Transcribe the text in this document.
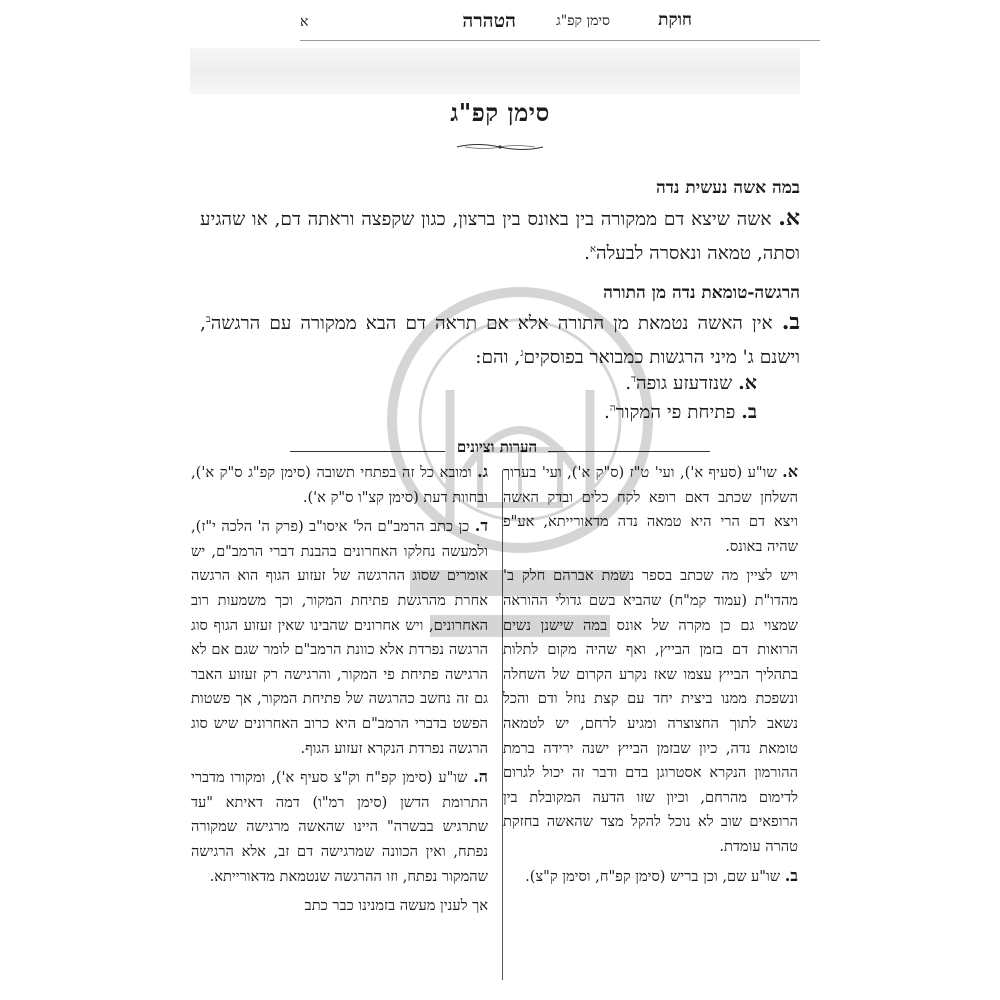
חוקת
סימן קפ"ג
הטהרה
א
סימן קפ"ג
במה אשה נעשית נדה
א. אשה שיצא דם ממקורה בין באונס בין ברצון, כגון שקפצה וראתה דם, או שהגיע וסתה, טמאה ונאסרה לבעלה$^א$.
הרגשה-טומאת נדה מן התורה
ב. אין האשה נטמאת מן התורה אלא אם תראה דם הבא ממקורה עם הרגשה$^ב$, וישנם ג' מיני הרגשות כמבואר בפוסקים$^ג$, והם:
א. שנזדעזע גופה$^ד$.
ב. פתיחת פי המקור$^ה$.
הערות וציונים

א. שו"ע (סעיף א'), ועי' ט"ז (ס"ק א'), ועי' בערוך השלחן שכתב דאם רופא לקח כלים ובדק האשה ויצא דם הרי היא טמאה נדה מדאורייתא, אע"פ שהיה באונס.

ויש לציין מה שכתב בספר נשמת אברהם חלק ב' מהדו"ת (עמוד קמ"ח) שהביא בשם גדולי ההוראה שמצוי גם כן מקרה של אונס במה שישנן נשים הרואות דם בזמן הבייץ, ואף שהיה מקום לתלות בתהליך הבייץ עצמו שאז נקרע הקרום של השחלה ונשפכת ממנו ביצית יחד עם קצת נוזל ודם והכל נשאב לתוך החצוצרה ומגיע לרחם, יש לטמאה טומאת נדה, כיון שבזמן הבייץ ישנה ירידה ברמת ההורמון הנקרא אסטרוגן בדם ודבר זה יכול לגרום לדימום מהרחם, וכיון שזו הדעה המקובלת בין הרופאים שוב לא נוכל להקל מצד שהאשה בחזקת טהרה עומדת.

ב. שו"ע שם, וכן בריש (סימן קפ"ח, וסימן ק"צ).

ג. ומובא כל זה בפתחי תשובה (סימן קפ"ג ס"ק א'), ובחוות דעת (סימן קצ"ו ס"ק א').

ד. כן כתב הרמב"ם הל' איסו"ב (פרק ה' הלכה י"ז), ולמעשה נחלקו האחרונים בהבנת דברי הרמב"ם, יש אומרים שסוג ההרגשה של זעזוע הגוף הוא הרגשה אחרת מהרגשת פתיחת המקור, וכך משמעות רוב האחרונים, ויש אחרונים שהבינו שאין זעזוע הגוף סוג הרגשה נפרדת אלא כוונת הרמב"ם לומר שגם אם לא הרגישה פתיחת פי המקור, והרגישה רק זעזוע האבר גם זה נחשב כהרגשה של פתיחת המקור, אך פשטות הפשט בדברי הרמב"ם היא כרוב האחרונים שיש סוג הרגשה נפרדת הנקרא זעזוע הגוף.

ה. שו"ע (סימן קפ"ח וק"צ סעיף א'), ומקורו מדברי התרומת הדשן (סימן רמ"ו) דמה דאיתא "עד שתרגיש בבשרה" היינו שהאשה מרגישה שמקורה נפתח, ואין הכוונה שמרגישה דם זב, אלא הרגישה שהמקור נפתח, וזו ההרגשה שנטמאת מדאורייתא.

אך לענין מעשה בזמנינו כבר כתב
